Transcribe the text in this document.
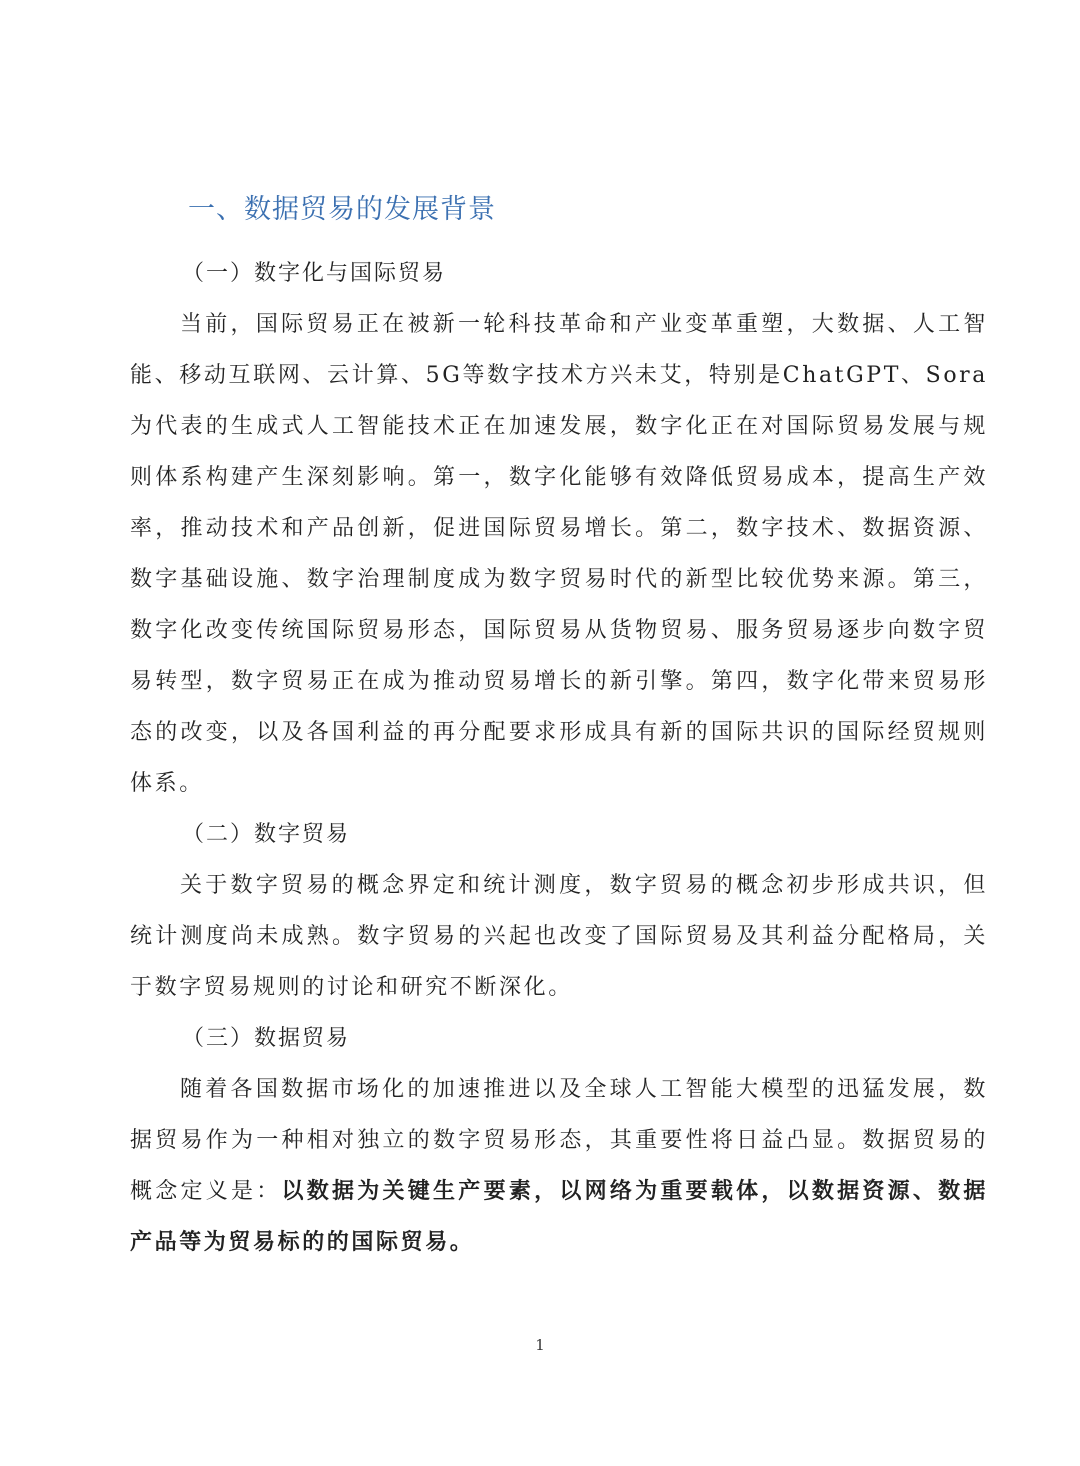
一、数据贸易的发展背景
（一）数字化与国际贸易

当前，国际贸易正在被新一轮科技革命和产业变革重塑，大数据、人工智能、移动互联网、云计算、5G等数字技术方兴未艾，特别是ChatGPT、Sora为代表的生成式人工智能技术正在加速发展，数字化正在对国际贸易发展与规则体系构建产生深刻影响。第一，数字化能够有效降低贸易成本，提高生产效率，推动技术和产品创新，促进国际贸易增长。第二，数字技术、数据资源、数字基础设施、数字治理制度成为数字贸易时代的新型比较优势来源。第三，数字化改变传统国际贸易形态，国际贸易从货物贸易、服务贸易逐步向数字贸易转型，数字贸易正在成为推动贸易增长的新引擎。第四，数字化带来贸易形态的改变，以及各国利益的再分配要求形成具有新的国际共识的国际经贸规则体系。

（二）数字贸易

关于数字贸易的概念界定和统计测度，数字贸易的概念初步形成共识，但统计测度尚未成熟。数字贸易的兴起也改变了国际贸易及其利益分配格局，关于数字贸易规则的讨论和研究不断深化。

（三）数据贸易

随着各国数据市场化的加速推进以及全球人工智能大模型的迅猛发展，数据贸易作为一种相对独立的数字贸易形态，其重要性将日益凸显。数据贸易的概念定义是：以数据为关键生产要素，以网络为重要载体，以数据资源、数据产品等为贸易标的的国际贸易。

1
